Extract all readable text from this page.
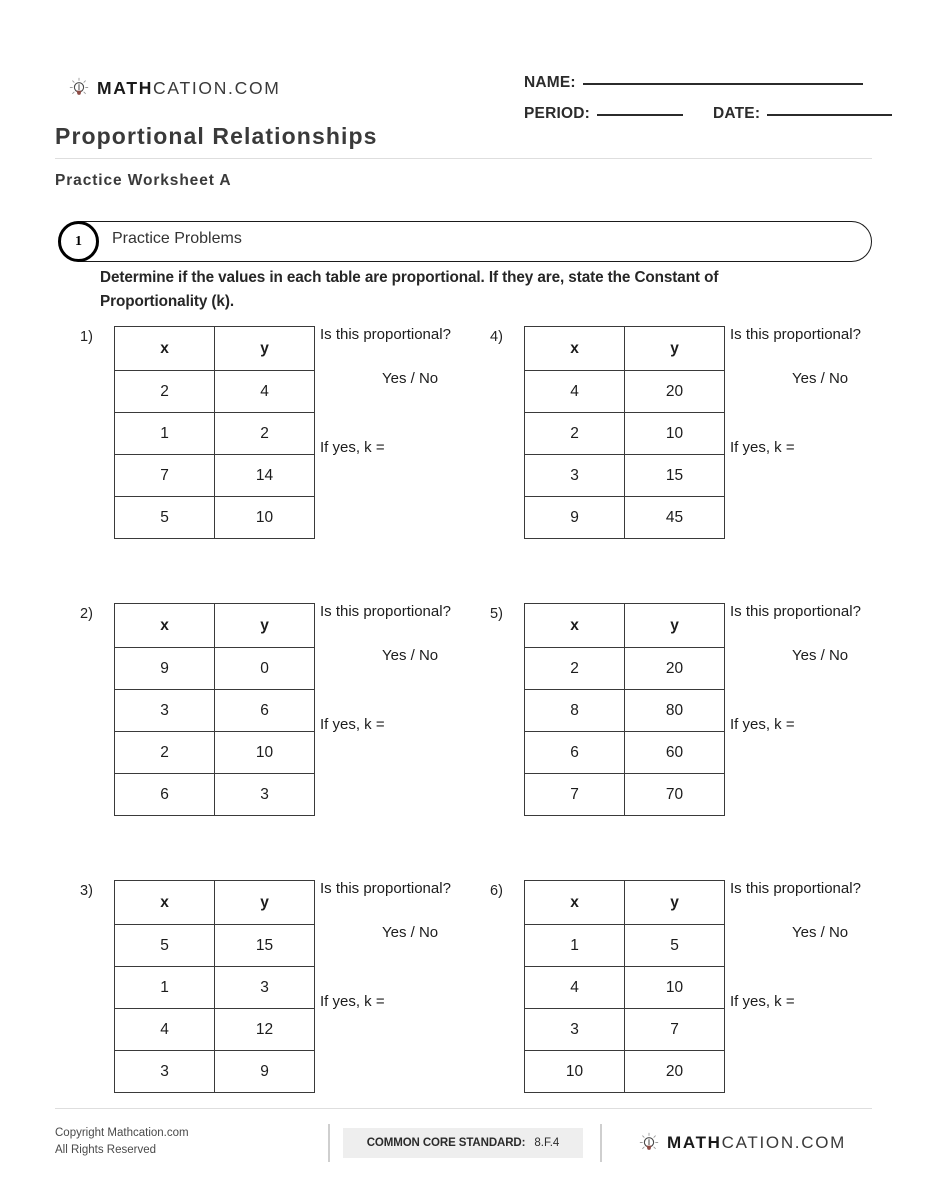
MATHCATION.COM	NAME:
PERIOD:	DATE:
Proportional Relationships
Practice Worksheet A
1	Practice Problems
Determine if the values in each table are proportional. If they are, state the Constant of Proportionality (k).
1)
x	y
2	4
1	2
7	14
5	10
Is this proportional?
Yes / No
If yes, k =
4)
x	y
4	20
2	10
3	15
9	45
Is this proportional?
Yes / No
If yes, k =
2)
x	y
9	0
3	6
2	10
6	3
Is this proportional?
Yes / No
If yes, k =
5)
x	y
2	20
8	80
6	60
7	70
Is this proportional?
Yes / No
If yes, k =
3)
x	y
5	15
1	3
4	12
3	9
Is this proportional?
Yes / No
If yes, k =
6)
x	y
1	5
4	10
3	7
10	20
Is this proportional?
Yes / No
If yes, k =
Copyright Mathcation.com
All Rights Reserved
COMMON CORE STANDARD: 8.F.4	MATHCATION.COM
